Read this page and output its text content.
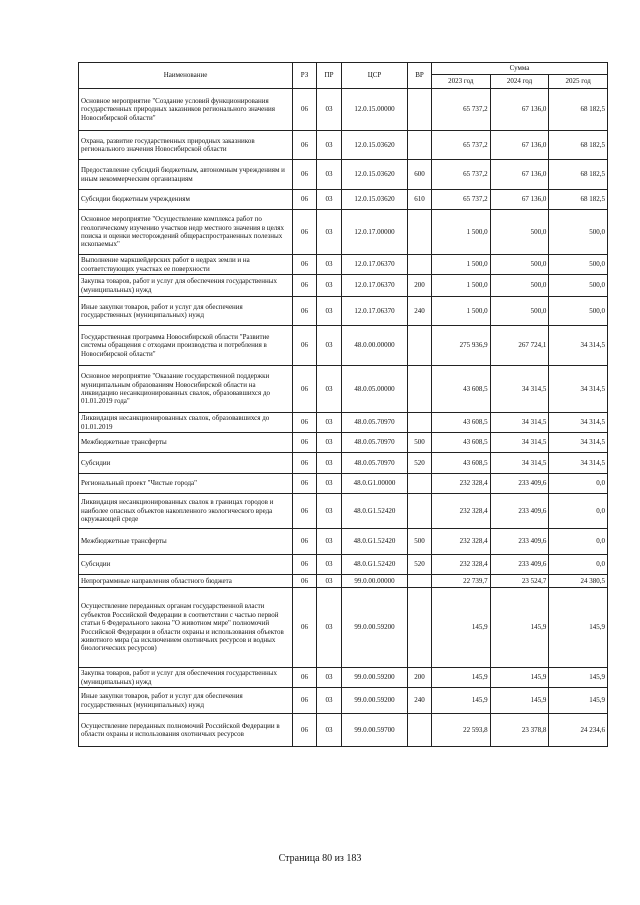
Наименование	РЗ	ПР	ЦСР	ВР	Сумма		
					2023 год	2024 год	2025 год
Основное мероприятие "Создание условий функционирования государственных природных заказников регионального значения Новосибирской области"	06	03	12.0.15.00000		65 737,2	67 136,0	68 182,5
Охрана, развитие государственных природных заказников регионального значения Новосибирской области	06	03	12.0.15.03620		65 737,2	67 136,0	68 182,5
Предоставление субсидий бюджетным, автономным учреждениям и иным некоммерческим организациям	06	03	12.0.15.03620	600	65 737,2	67 136,0	68 182,5
Субсидии бюджетным учреждениям	06	03	12.0.15.03620	610	65 737,2	67 136,0	68 182,5
Основное мероприятие "Осуществление комплекса работ по геологическому изучению участков недр местного значения в целях поиска и оценки месторождений общераспространенных полезных ископаемых"	06	03	12.0.17.00000		1 500,0	500,0	500,0
Выполнение маркшейдерских работ в недрах земли и на соответствующих участках ее поверхности	06	03	12.0.17.06370		1 500,0	500,0	500,0
Закупка товаров, работ и услуг для обеспечения государственных (муниципальных) нужд	06	03	12.0.17.06370	200	1 500,0	500,0	500,0
Иные закупки товаров, работ и услуг для обеспечения государственных (муниципальных) нужд	06	03	12.0.17.06370	240	1 500,0	500,0	500,0
Государственная программа Новосибирской области "Развитие системы обращения с отходами производства и потребления в Новосибирской области"	06	03	48.0.00.00000		275 936,9	267 724,1	34 314,5
Основное мероприятие "Оказание государственной поддержки муниципальным образованиям Новосибирской области на ликвидацию несанкционированных свалок, образовавшихся до 01.01.2019 года"	06	03	48.0.05.00000		43 608,5	34 314,5	34 314,5
Ликвидация несанкционированных свалок, образовавшихся до 01.01.2019	06	03	48.0.05.70970		43 608,5	34 314,5	34 314,5
Межбюджетные трансферты	06	03	48.0.05.70970	500	43 608,5	34 314,5	34 314,5
Субсидии	06	03	48.0.05.70970	520	43 608,5	34 314,5	34 314,5
Региональный проект "Чистые города"	06	03	48.0.G1.00000		232 328,4	233 409,6	0,0
Ликвидация несанкционированных свалок в границах городов и наиболее опасных объектов накопленного экологического вреда окружающей среде	06	03	48.0.G1.52420		232 328,4	233 409,6	0,0
Межбюджетные трансферты	06	03	48.0.G1.52420	500	232 328,4	233 409,6	0,0
Субсидии	06	03	48.0.G1.52420	520	232 328,4	233 409,6	0,0
Непрограммные направления областного бюджета	06	03	99.0.00.00000		22 739,7	23 524,7	24 380,5
Осуществление переданных органам государственной власти субъектов Российской Федерации в соответствии с частью первой статьи 6 Федерального закона "О животном мире" полномочий Российской Федерации в области охраны и использования объектов животного мира (за исключением охотничьих ресурсов и водных биологических ресурсов)	06	03	99.0.00.59200		145,9	145,9	145,9
Закупка товаров, работ и услуг для обеспечения государственных (муниципальных) нужд	06	03	99.0.00.59200	200	145,9	145,9	145,9
Иные закупки товаров, работ и услуг для обеспечения государственных (муниципальных) нужд	06	03	99.0.00.59200	240	145,9	145,9	145,9
Осуществление переданных полномочий Российской Федерации в области охраны и использования охотничьих ресурсов	06	03	99.0.00.59700		22 593,8	23 378,8	24 234,6
Страница 80 из 183
